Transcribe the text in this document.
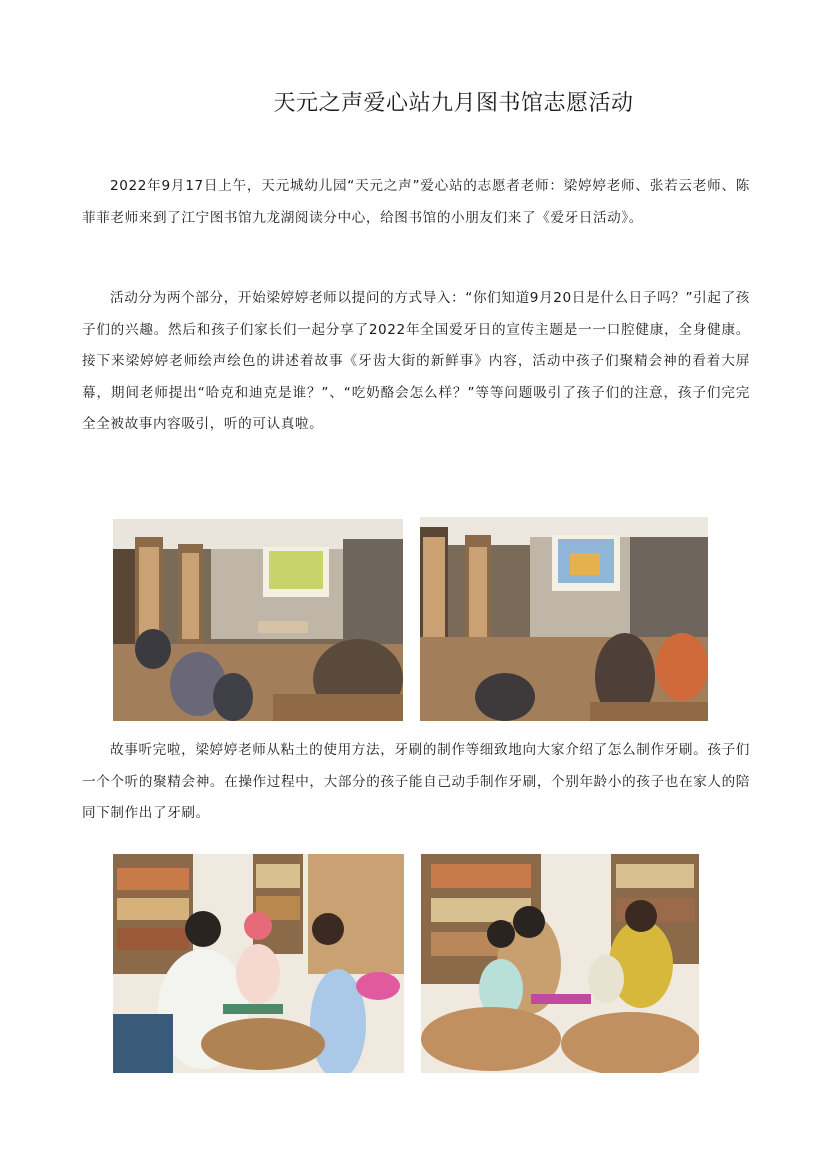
天元之声爱心站九月图书馆志愿活动

2022年9月17日上午，天元城幼儿园“天元之声”爱心站的志愿者老师：梁婷婷老师、张若云老师、陈菲菲老师来到了江宁图书馆九龙湖阅读分中心，给图书馆的小朋友们来了《爱牙日活动》。

活动分为两个部分，开始梁婷婷老师以提问的方式导入：“你们知道9月20日是什么日子吗？”引起了孩子们的兴趣。然后和孩子们家长们一起分享了2022年全国爱牙日的宣传主题是一一口腔健康，全身健康。接下来梁婷婷老师绘声绘色的讲述着故事《牙齿大街的新鲜事》内容，活动中孩子们聚精会神的看着大屏幕，期间老师提出“哈克和迪克是谁？”、“吃奶酪会怎么样？”等等问题吸引了孩子们的注意，孩子们完完全全被故事内容吸引，听的可认真啦。

故事听完啦，梁婷婷老师从粘土的使用方法，牙刷的制作等细致地向大家介绍了怎么制作牙刷。孩子们一个个听的聚精会神。在操作过程中，大部分的孩子能自己动手制作牙刷，个别年龄小的孩子也在家人的陪同下制作出了牙刷。
